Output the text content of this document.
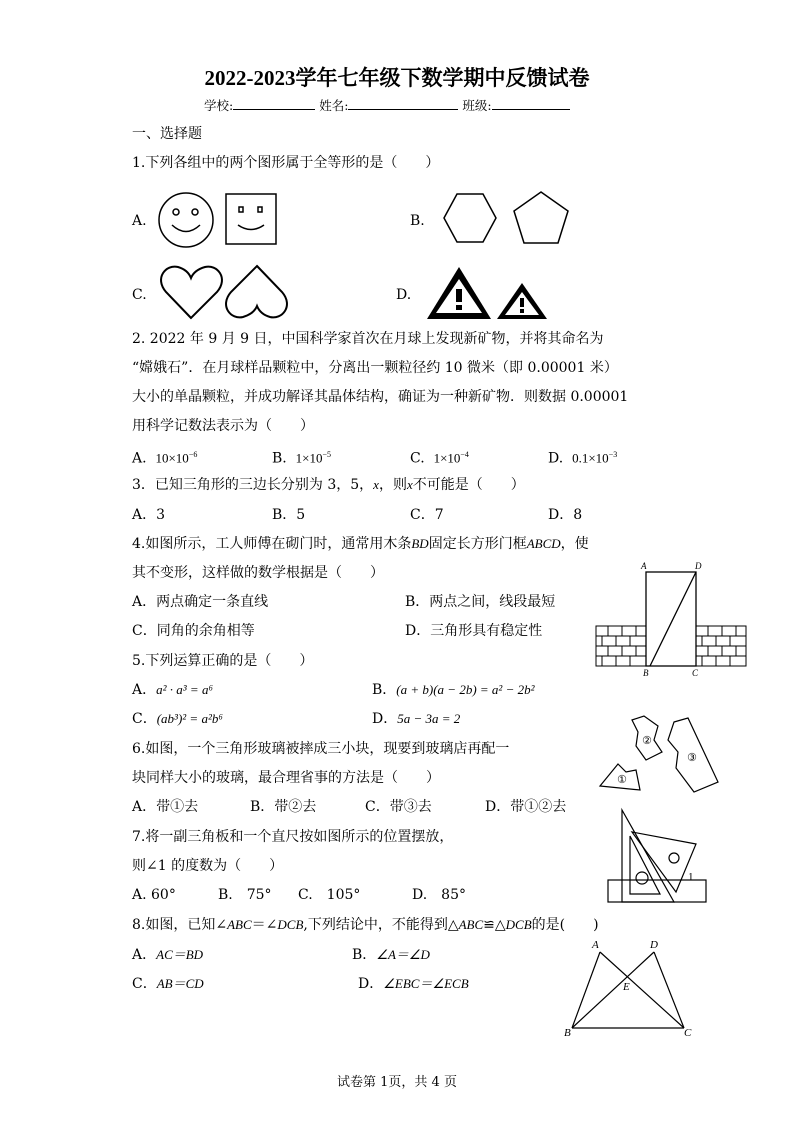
2022-2023学年七年级下数学期中反馈试卷
学校:	姓名:	班级:
一、选择题
1.下列各组中的两个图形属于全等形的是（　　）
A.	B.
C.	D.
2. 2022 年 9 月 9 日，中国科学家首次在月球上发现新矿物，并将其命名为
“嫦娥石”．在月球样品颗粒中，分离出一颗粒径约 10 微米（即 0.00001 米）
大小的单晶颗粒，并成功解译其晶体结构，确证为一种新矿物．则数据 0.00001
用科学记数法表示为（　　）
A. $10\times 10^{-6}$	B. $1\times 10^{-5}$	C. $1\times 10^{-4}$	D. $0.1\times 10^{-3}$
3．已知三角形的三边长分别为 3，5，x，则x不可能是（　　）
A．3	B．5	C．7	D．8
4.如图所示，工人师傅在砌门时，通常用木条BD固定长方形门框ABCD，使
其不变形，这样做的数学根据是（　　）
A．两点确定一条直线	B．两点之间，线段最短
C．同角的余角相等	D．三角形具有稳定性
A	D
B	C
5.下列运算正确的是（　　）
A．a² · a³ = a⁶	B．(a + b)(a − 2b) = a² − 2b²
C．(ab³)² = a²b⁶	D．5a − 3a = 2
6.如图，一个三角形玻璃被摔成三小块，现要到玻璃店再配一
块同样大小的玻璃，最合理省事的方法是（　　）
A．带①去	B．带②去	C．带③去	D．带①②去
②
③
①
7.将一副三角板和一个直尺按如图所示的位置摆放，
则∠1 的度数为（　　）
A. 60°	B.　75° C.　105°	D.　85°
1
8.如图，已知∠ABC＝∠DCB,下列结论中，不能得到△ABC≌△DCB的是(　　)
A．AC＝BD	B．∠A＝∠D
C．AB＝CD	D．∠EBC＝∠ECB
A	D
E
B	C
试卷第 1页，共 4 页
